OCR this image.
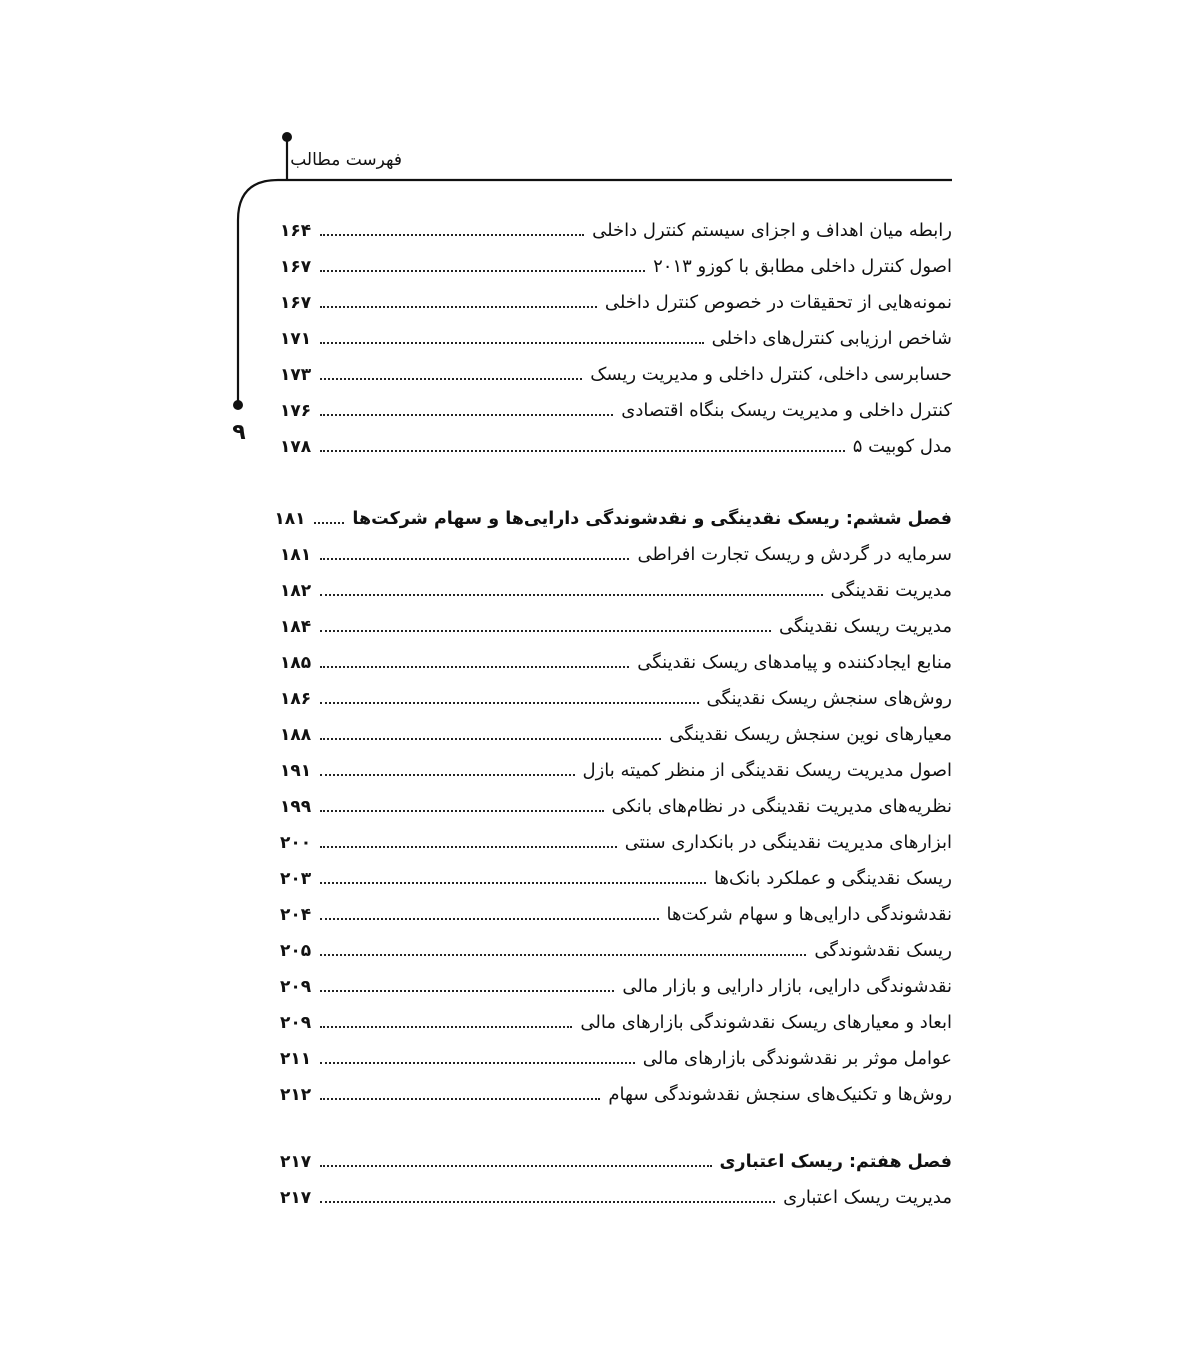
فهرست مطالب
۹
رابطه میان اهداف و اجزای سیستم کنترل داخلی
۱۶۴
اصول کنترل داخلی مطابق با کوزو ۲۰۱۳
۱۶۷
نمونه‌هایی از تحقیقات در خصوص کنترل داخلی
۱۶۷
شاخص ارزیابی کنترل‌های داخلی
۱۷۱
حسابرسی داخلی، کنترل داخلی و مدیریت ریسک
۱۷۳
کنترل داخلی و مدیریت ریسک بنگاه اقتصادی
۱۷۶
مدل کوبیت ۵
۱۷۸
فصل ششم: ریسک نقدینگی و نقدشوندگی دارایی‌ها و سهام شرکت‌ها
۱۸۱
سرمایه در گردش و ریسک تجارت افراطی
۱۸۱
مدیریت نقدینگی
۱۸۲
مدیریت ریسک نقدینگی
۱۸۴
منابع ایجادکننده و پیامدهای ریسک نقدینگی
۱۸۵
روش‌های سنجش ریسک نقدینگی
۱۸۶
معیارهای نوین سنجش ریسک نقدینگی
۱۸۸
اصول مدیریت ریسک نقدینگی از منظر کمیته بازل
۱۹۱
نظریه‌های مدیریت نقدینگی در نظام‌های بانکی
۱۹۹
ابزارهای مدیریت نقدینگی در بانکداری سنتی
۲۰۰
ریسک نقدینگی و عملکرد بانک‌ها
۲۰۳
نقدشوندگی دارایی‌ها و سهام شرکت‌ها
۲۰۴
ریسک نقدشوندگی
۲۰۵
نقدشوندگی دارایی، بازار دارایی و بازار مالی
۲۰۹
ابعاد و معیارهای ریسک نقدشوندگی بازارهای مالی
۲۰۹
عوامل موثر بر نقدشوندگی بازارهای مالی
۲۱۱
روش‌ها و تکنیک‌های سنجش نقدشوندگی سهام
۲۱۲
فصل هفتم: ریسک اعتباری
۲۱۷
مدیریت ریسک اعتباری
۲۱۷
